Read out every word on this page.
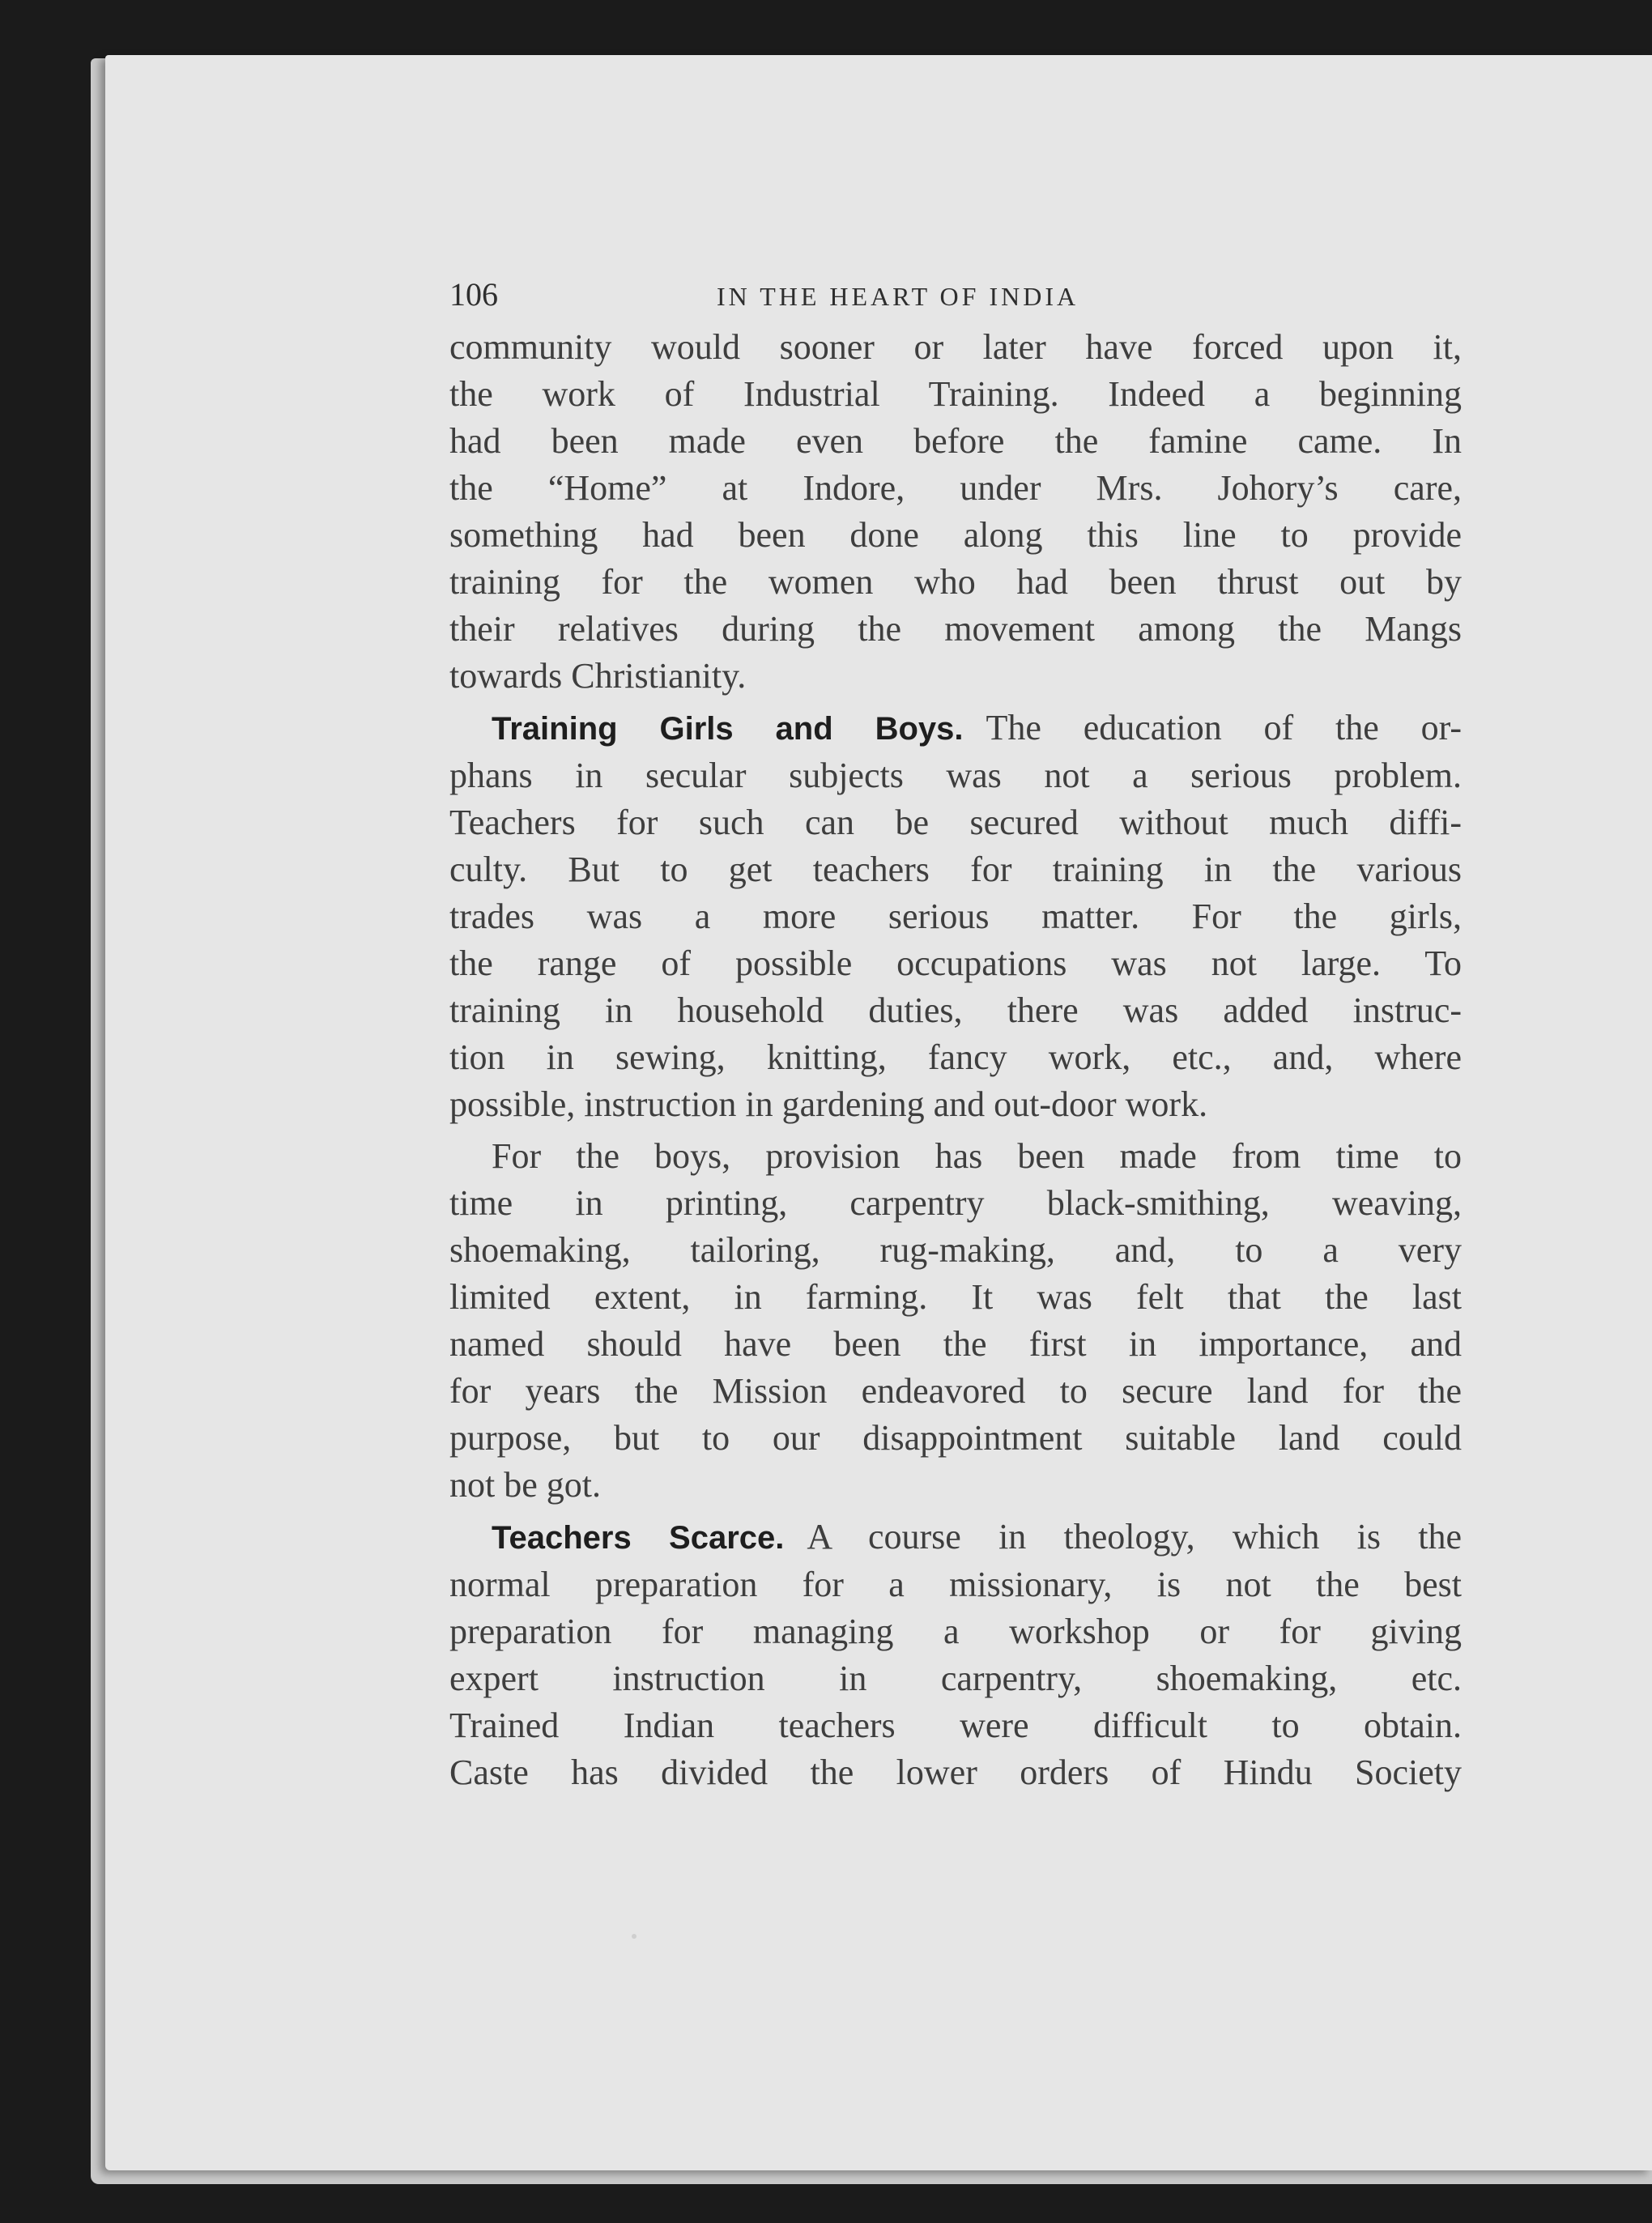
106	IN THE HEART OF INDIA

community would sooner or later have forced upon it,
the work of Industrial Training. Indeed a beginning
had been made even before the famine came. In
the “Home” at Indore, under Mrs. Johory’s care,
something had been done along this line to provide
training for the women who had been thrust out by
their relatives during the movement among the Mangs
towards Christianity.

Training Girls and Boys. The education of the or-
phans in secular subjects was not a serious problem.
Teachers for such can be secured without much diffi-
culty. But to get teachers for training in the various
trades was a more serious matter. For the girls,
the range of possible occupations was not large. To
training in household duties, there was added instruc-
tion in sewing, knitting, fancy work, etc., and, where
possible, instruction in gardening and out-door work.

For the boys, provision has been made from time to
time in printing, carpentry black-smithing, weaving,
shoemaking, tailoring, rug-making, and, to a very
limited extent, in farming. It was felt that the last
named should have been the first in importance, and
for years the Mission endeavored to secure land for the
purpose, but to our disappointment suitable land could
not be got.

Teachers Scarce. A course in theology, which is the
normal preparation for a missionary, is not the best
preparation for managing a workshop or for giving
expert instruction in carpentry, shoemaking, etc.
Trained Indian teachers were difficult to obtain.
Caste has divided the lower orders of Hindu Society
